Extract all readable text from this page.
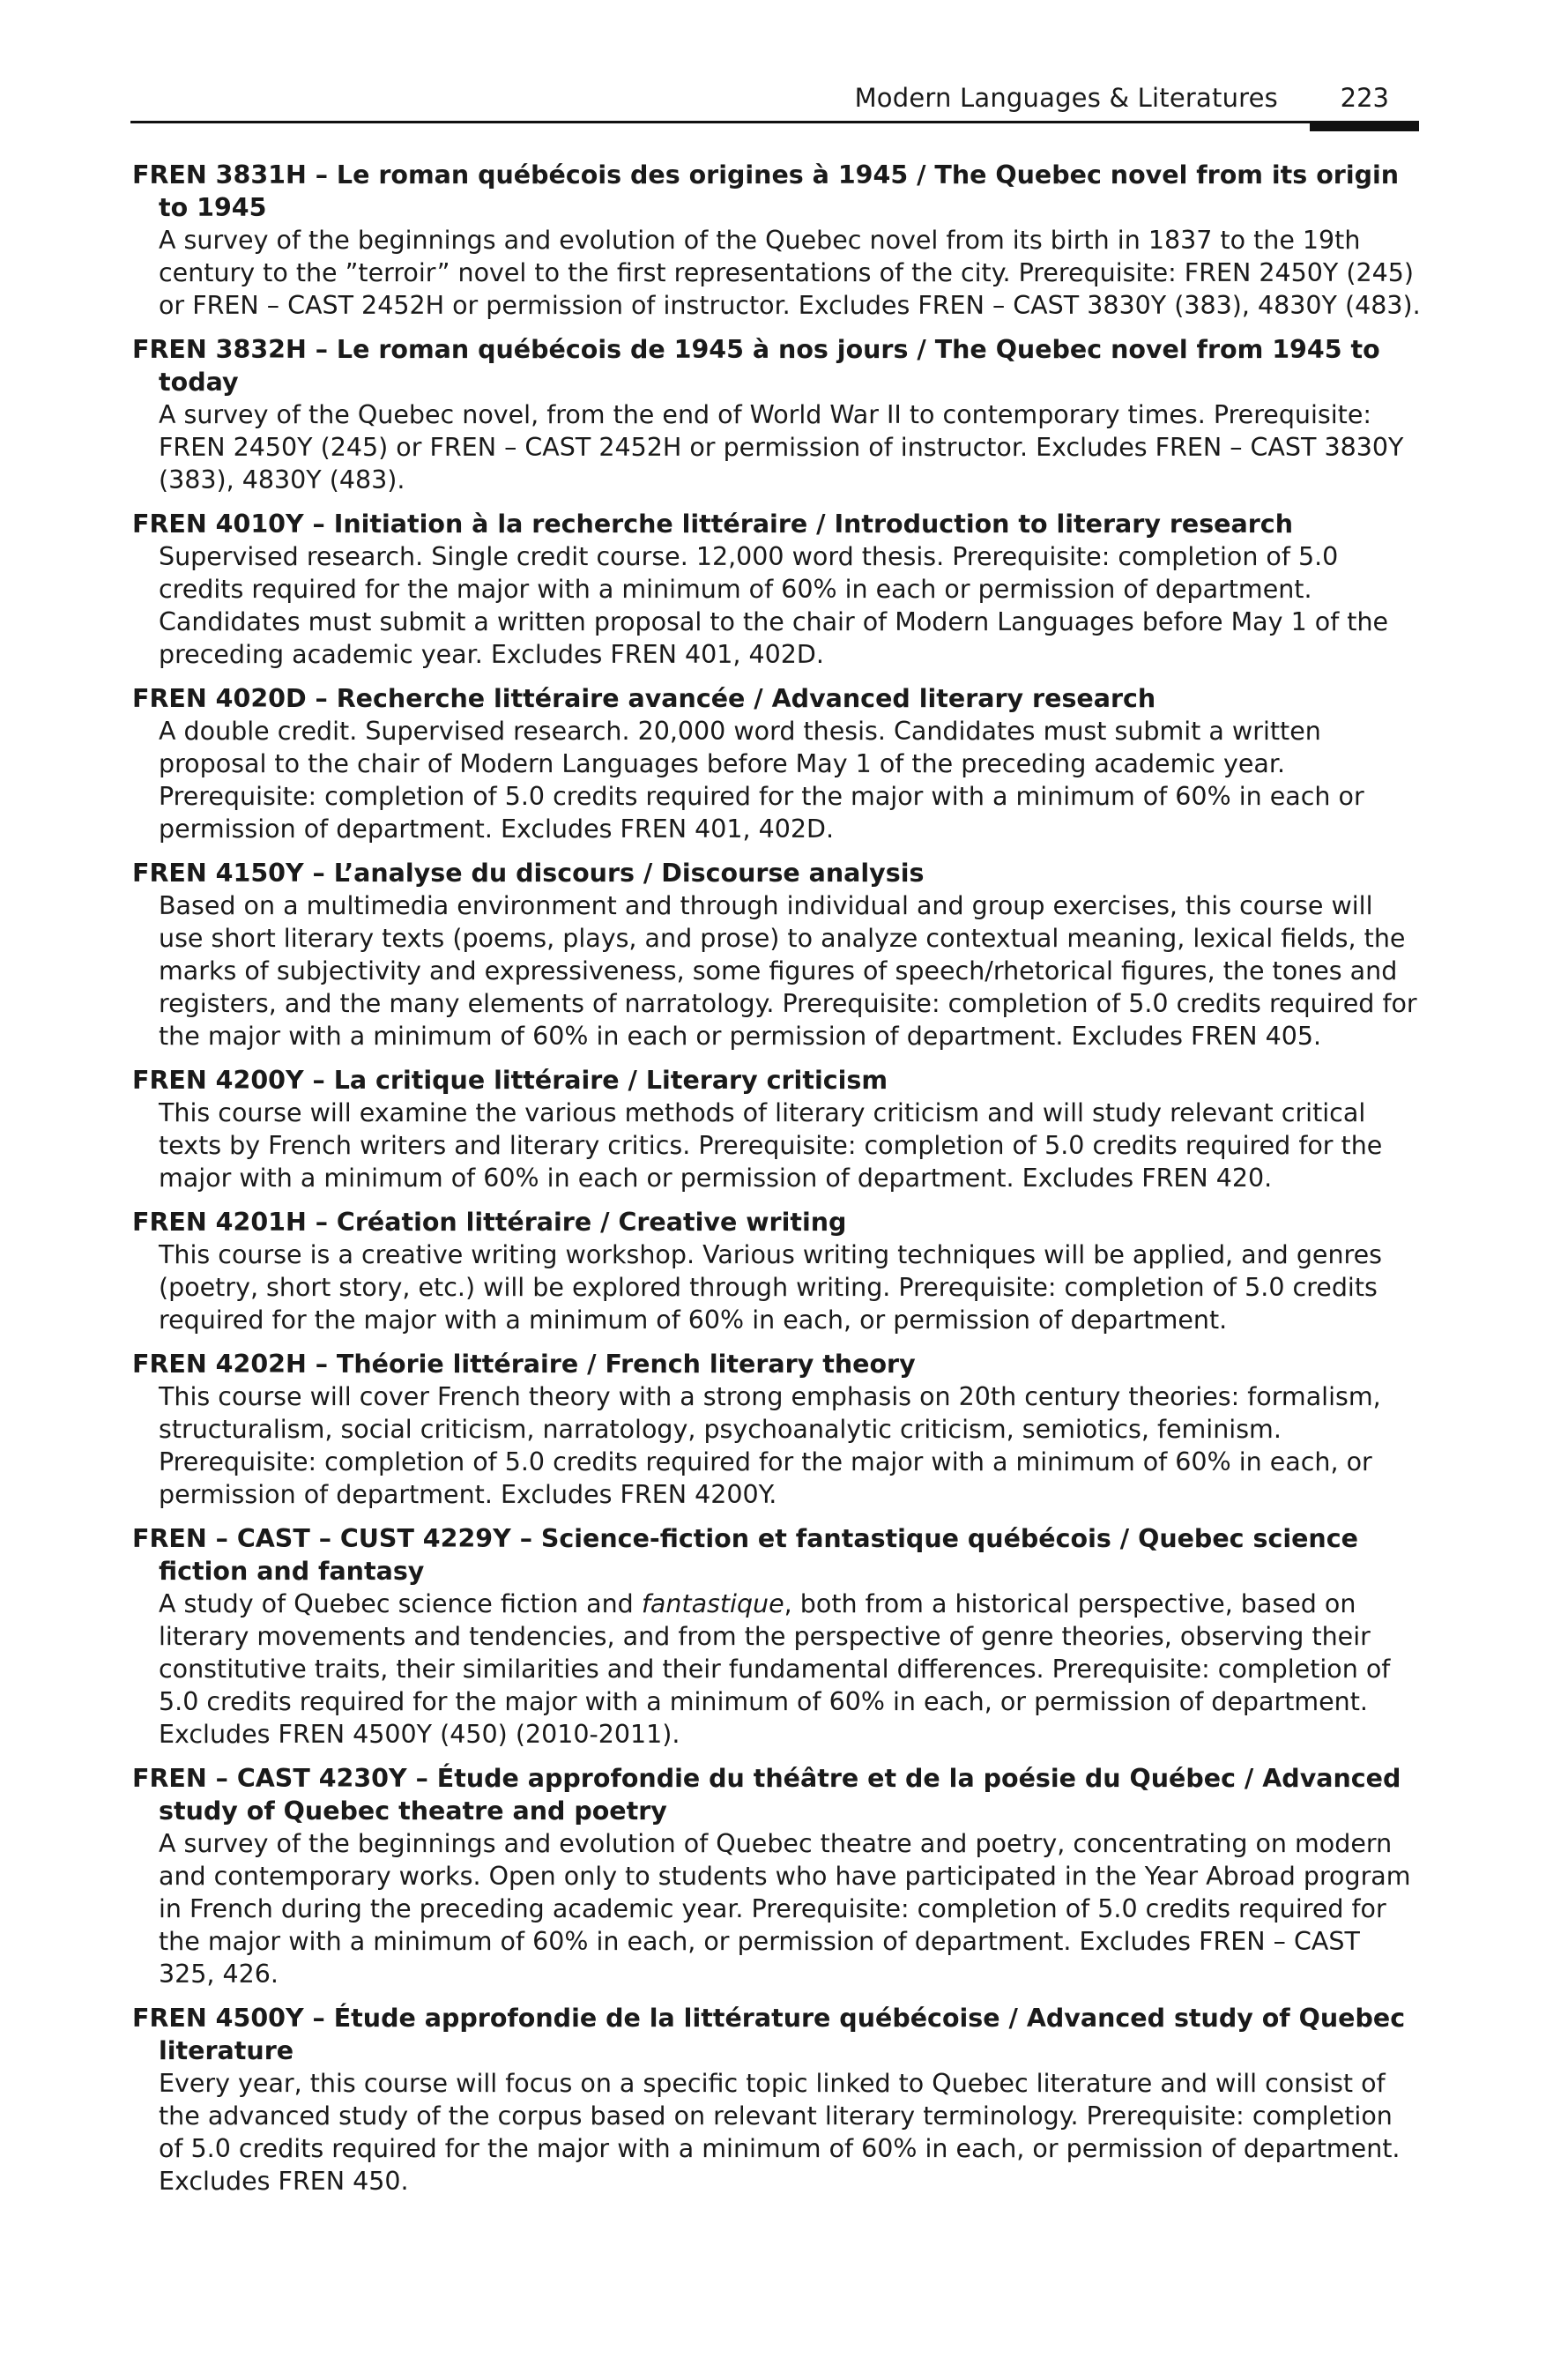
Modern Languages & Literatures 223
FREN 3831H – Le roman québécois des origines à 1945 / The Quebec novel from its origin to 1945
A survey of the beginnings and evolution of the Quebec novel from its birth in 1837 to the 19th century to the ”terroir” novel to the first representations of the city. Prerequisite: FREN 2450Y (245) or FREN – CAST 2452H or permission of instructor. Excludes FREN – CAST 3830Y (383), 4830Y (483).
FREN 3832H – Le roman québécois de 1945 à nos jours / The Quebec novel from 1945 to today
A survey of the Quebec novel, from the end of World War II to contemporary times. Prerequisite: FREN 2450Y (245) or FREN – CAST 2452H or permission of instructor. Excludes FREN – CAST 3830Y (383), 4830Y (483).
FREN 4010Y – Initiation à la recherche littéraire / Introduction to literary research
Supervised research. Single credit course. 12,000 word thesis. Prerequisite: completion of 5.0 credits required for the major with a minimum of 60% in each or permission of department. Candidates must submit a written proposal to the chair of Modern Languages before May 1 of the preceding academic year. Excludes FREN 401, 402D.
FREN 4020D – Recherche littéraire avancée / Advanced literary research
A double credit. Supervised research. 20,000 word thesis. Candidates must submit a written proposal to the chair of Modern Languages before May 1 of the preceding academic year. Prerequisite: completion of 5.0 credits required for the major with a minimum of 60% in each or permission of department. Excludes FREN 401, 402D.
FREN 4150Y – L’analyse du discours / Discourse analysis
Based on a multimedia environment and through individual and group exercises, this course will use short literary texts (poems, plays, and prose) to analyze contextual meaning, lexical fields, the marks of subjectivity and expressiveness, some figures of speech/rhetorical figures, the tones and registers, and the many elements of narratology. Prerequisite: completion of 5.0 credits required for the major with a minimum of 60% in each or permission of department. Excludes FREN 405.
FREN 4200Y – La critique littéraire / Literary criticism
This course will examine the various methods of literary criticism and will study relevant critical texts by French writers and literary critics. Prerequisite: completion of 5.0 credits required for the major with a minimum of 60% in each or permission of department. Excludes FREN 420.
FREN 4201H – Création littéraire / Creative writing
This course is a creative writing workshop. Various writing techniques will be applied, and genres (poetry, short story, etc.) will be explored through writing. Prerequisite: completion of 5.0 credits required for the major with a minimum of 60% in each, or permission of department.
FREN 4202H – Théorie littéraire / French literary theory
This course will cover French theory with a strong emphasis on 20th century theories: formalism, structuralism, social criticism, narratology, psychoanalytic criticism, semiotics, feminism. Prerequisite: completion of 5.0 credits required for the major with a minimum of 60% in each, or permission of department. Excludes FREN 4200Y.
FREN – CAST – CUST 4229Y – Science-fiction et fantastique québécois / Quebec science fiction and fantasy
A study of Quebec science fiction and fantastique, both from a historical perspective, based on literary movements and tendencies, and from the perspective of genre theories, observing their constitutive traits, their similarities and their fundamental differences. Prerequisite: completion of 5.0 credits required for the major with a minimum of 60% in each, or permission of department. Excludes FREN 4500Y (450) (2010-2011).
FREN – CAST 4230Y – Étude approfondie du théâtre et de la poésie du Québec / Advanced study of Quebec theatre and poetry
A survey of the beginnings and evolution of Quebec theatre and poetry, concentrating on modern and contemporary works. Open only to students who have participated in the Year Abroad program in French during the preceding academic year. Prerequisite: completion of 5.0 credits required for the major with a minimum of 60% in each, or permission of department. Excludes FREN – CAST 325, 426.
FREN 4500Y – Étude approfondie de la littérature québécoise / Advanced study of Quebec literature
Every year, this course will focus on a specific topic linked to Quebec literature and will consist of the advanced study of the corpus based on relevant literary terminology. Prerequisite: completion of 5.0 credits required for the major with a minimum of 60% in each, or permission of department. Excludes FREN 450.
